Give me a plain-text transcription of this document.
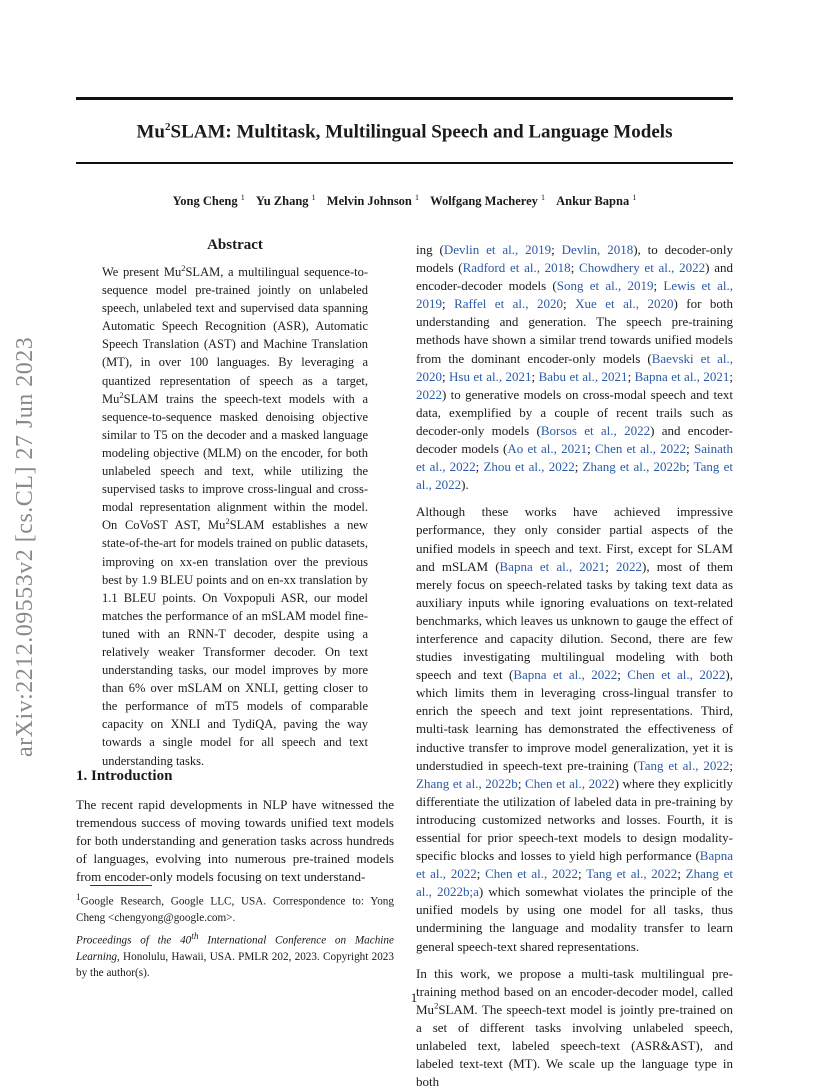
arXiv:2212.09553v2 [cs.CL] 27 Jun 2023
Mu$^2$SLAM: Multitask, Multilingual Speech and Language Models
Yong Cheng $^1$ Yu Zhang $^1$ Melvin Johnson $^1$ Wolfgang Macherey $^1$ Ankur Bapna $^1$
Abstract

We present Mu$^2$SLAM, a multilingual sequence-to-sequence model pre-trained jointly on unlabeled speech, unlabeled text and supervised data spanning Automatic Speech Recognition (ASR), Automatic Speech Translation (AST) and Machine Translation (MT), in over 100 languages. By leveraging a quantized representation of speech as a target, Mu$^2$SLAM trains the speech-text models with a sequence-to-sequence masked denoising objective similar to T5 on the decoder and a masked language modeling objective (MLM) on the encoder, for both unlabeled speech and text, while utilizing the supervised tasks to improve cross-lingual and cross-modal representation alignment within the model. On CoVoST AST, Mu$^2$SLAM establishes a new state-of-the-art for models trained on public datasets, improving on xx-en translation over the previous best by 1.9 BLEU points and on en-xx translation by 1.1 BLEU points. On Voxpopuli ASR, our model matches the performance of an mSLAM model fine-tuned with an RNN-T decoder, despite using a relatively weaker Transformer decoder. On text understanding tasks, our model improves by more than 6% over mSLAM on XNLI, getting closer to the performance of mT5 models of comparable capacity on XNLI and TydiQA, paving the way towards a single model for all speech and text understanding tasks.

1. Introduction

The recent rapid developments in NLP have witnessed the tremendous success of moving towards unified text models for both understanding and generation tasks across hundreds of languages, evolving into numerous pre-trained models from encoder-only models focusing on text understand-

$^1$Google Research, Google LLC, USA. Correspondence to: Yong Cheng <chengyong@google.com>.
Proceedings of the 40th International Conference on Machine Learning, Honolulu, Hawaii, USA. PMLR 202, 2023. Copyright 2023 by the author(s).

ing (Devlin et al., 2019; Devlin, 2018), to decoder-only models (Radford et al., 2018; Chowdhery et al., 2022) and encoder-decoder models (Song et al., 2019; Lewis et al., 2019; Raffel et al., 2020; Xue et al., 2020) for both understanding and generation. The speech pre-training methods have shown a similar trend towards unified models from the dominant encoder-only models (Baevski et al., 2020; Hsu et al., 2021; Babu et al., 2021; Bapna et al., 2021; 2022) to generative models on cross-modal speech and text data, exemplified by a couple of recent trails such as decoder-only models (Borsos et al., 2022) and encoder-decoder models (Ao et al., 2021; Chen et al., 2022; Sainath et al., 2022; Zhou et al., 2022; Zhang et al., 2022b; Tang et al., 2022).

Although these works have achieved impressive performance, they only consider partial aspects of the unified models in speech and text. First, except for SLAM and mSLAM (Bapna et al., 2021; 2022), most of them merely focus on speech-related tasks by taking text data as auxiliary inputs while ignoring evaluations on text-related benchmarks, which leaves us unknown to gauge the effect of interference and capacity dilution. Second, there are few studies investigating multilingual modeling with both speech and text (Bapna et al., 2022; Chen et al., 2022), which limits them in leveraging cross-lingual transfer to enrich the speech and text joint representations. Third, multi-task learning has demonstrated the effectiveness of inductive transfer to improve model generalization, yet it is understudied in speech-text pre-training (Tang et al., 2022; Zhang et al., 2022b; Chen et al., 2022) where they explicitly differentiate the utilization of labeled data in pre-training by introducing customized networks and losses. Fourth, it is essential for prior speech-text models to design modality-specific blocks and losses to yield high performance (Bapna et al., 2022; Chen et al., 2022; Tang et al., 2022; Zhang et al., 2022b;a) which somewhat violates the principle of the unified models by using one model for all tasks, thus undermining the language and modality transfer to learn general speech-text shared representations.

In this work, we propose a multi-task multilingual pre-training method based on an encoder-decoder model, called Mu$^2$SLAM. The speech-text model is jointly pre-trained on a set of different tasks involving unlabeled speech, unlabeled text, labeled speech-text (ASR&AST), and labeled text-text (MT). We scale up the language type in both

1
